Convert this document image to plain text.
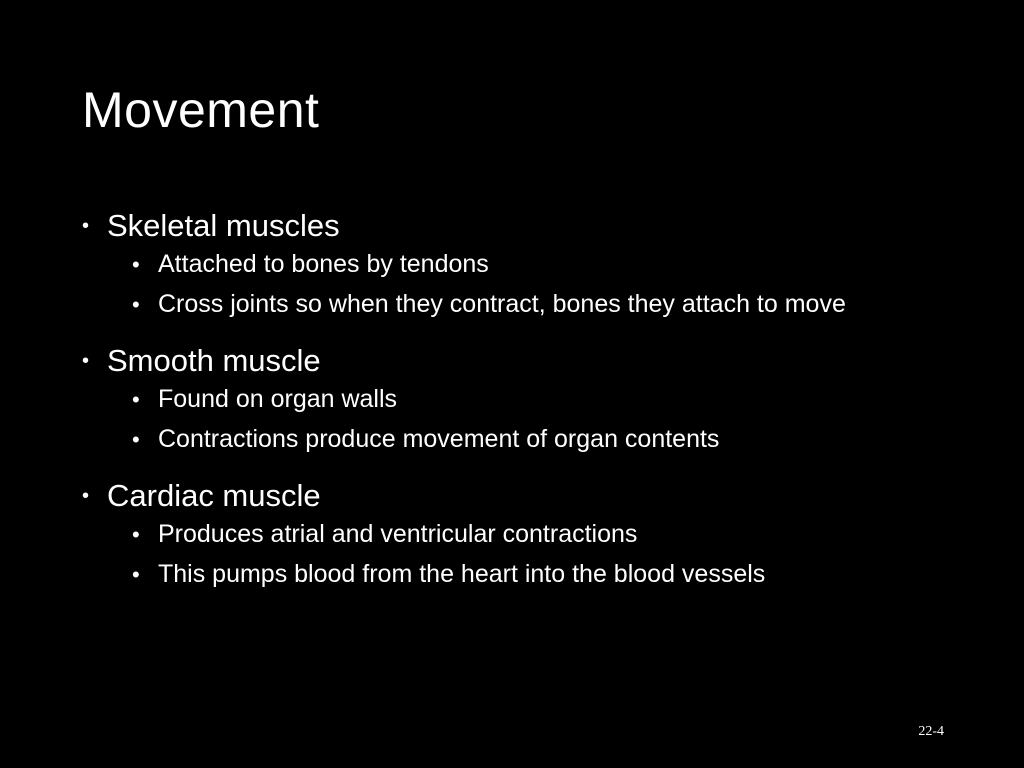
Movement
• Skeletal muscles
• Attached to bones by tendons
• Cross joints so when they contract, bones they attach to move
• Smooth muscle
• Found on organ walls
• Contractions produce movement of organ contents
• Cardiac muscle
• Produces atrial and ventricular contractions
• This pumps blood from the heart into the blood vessels
22-4
